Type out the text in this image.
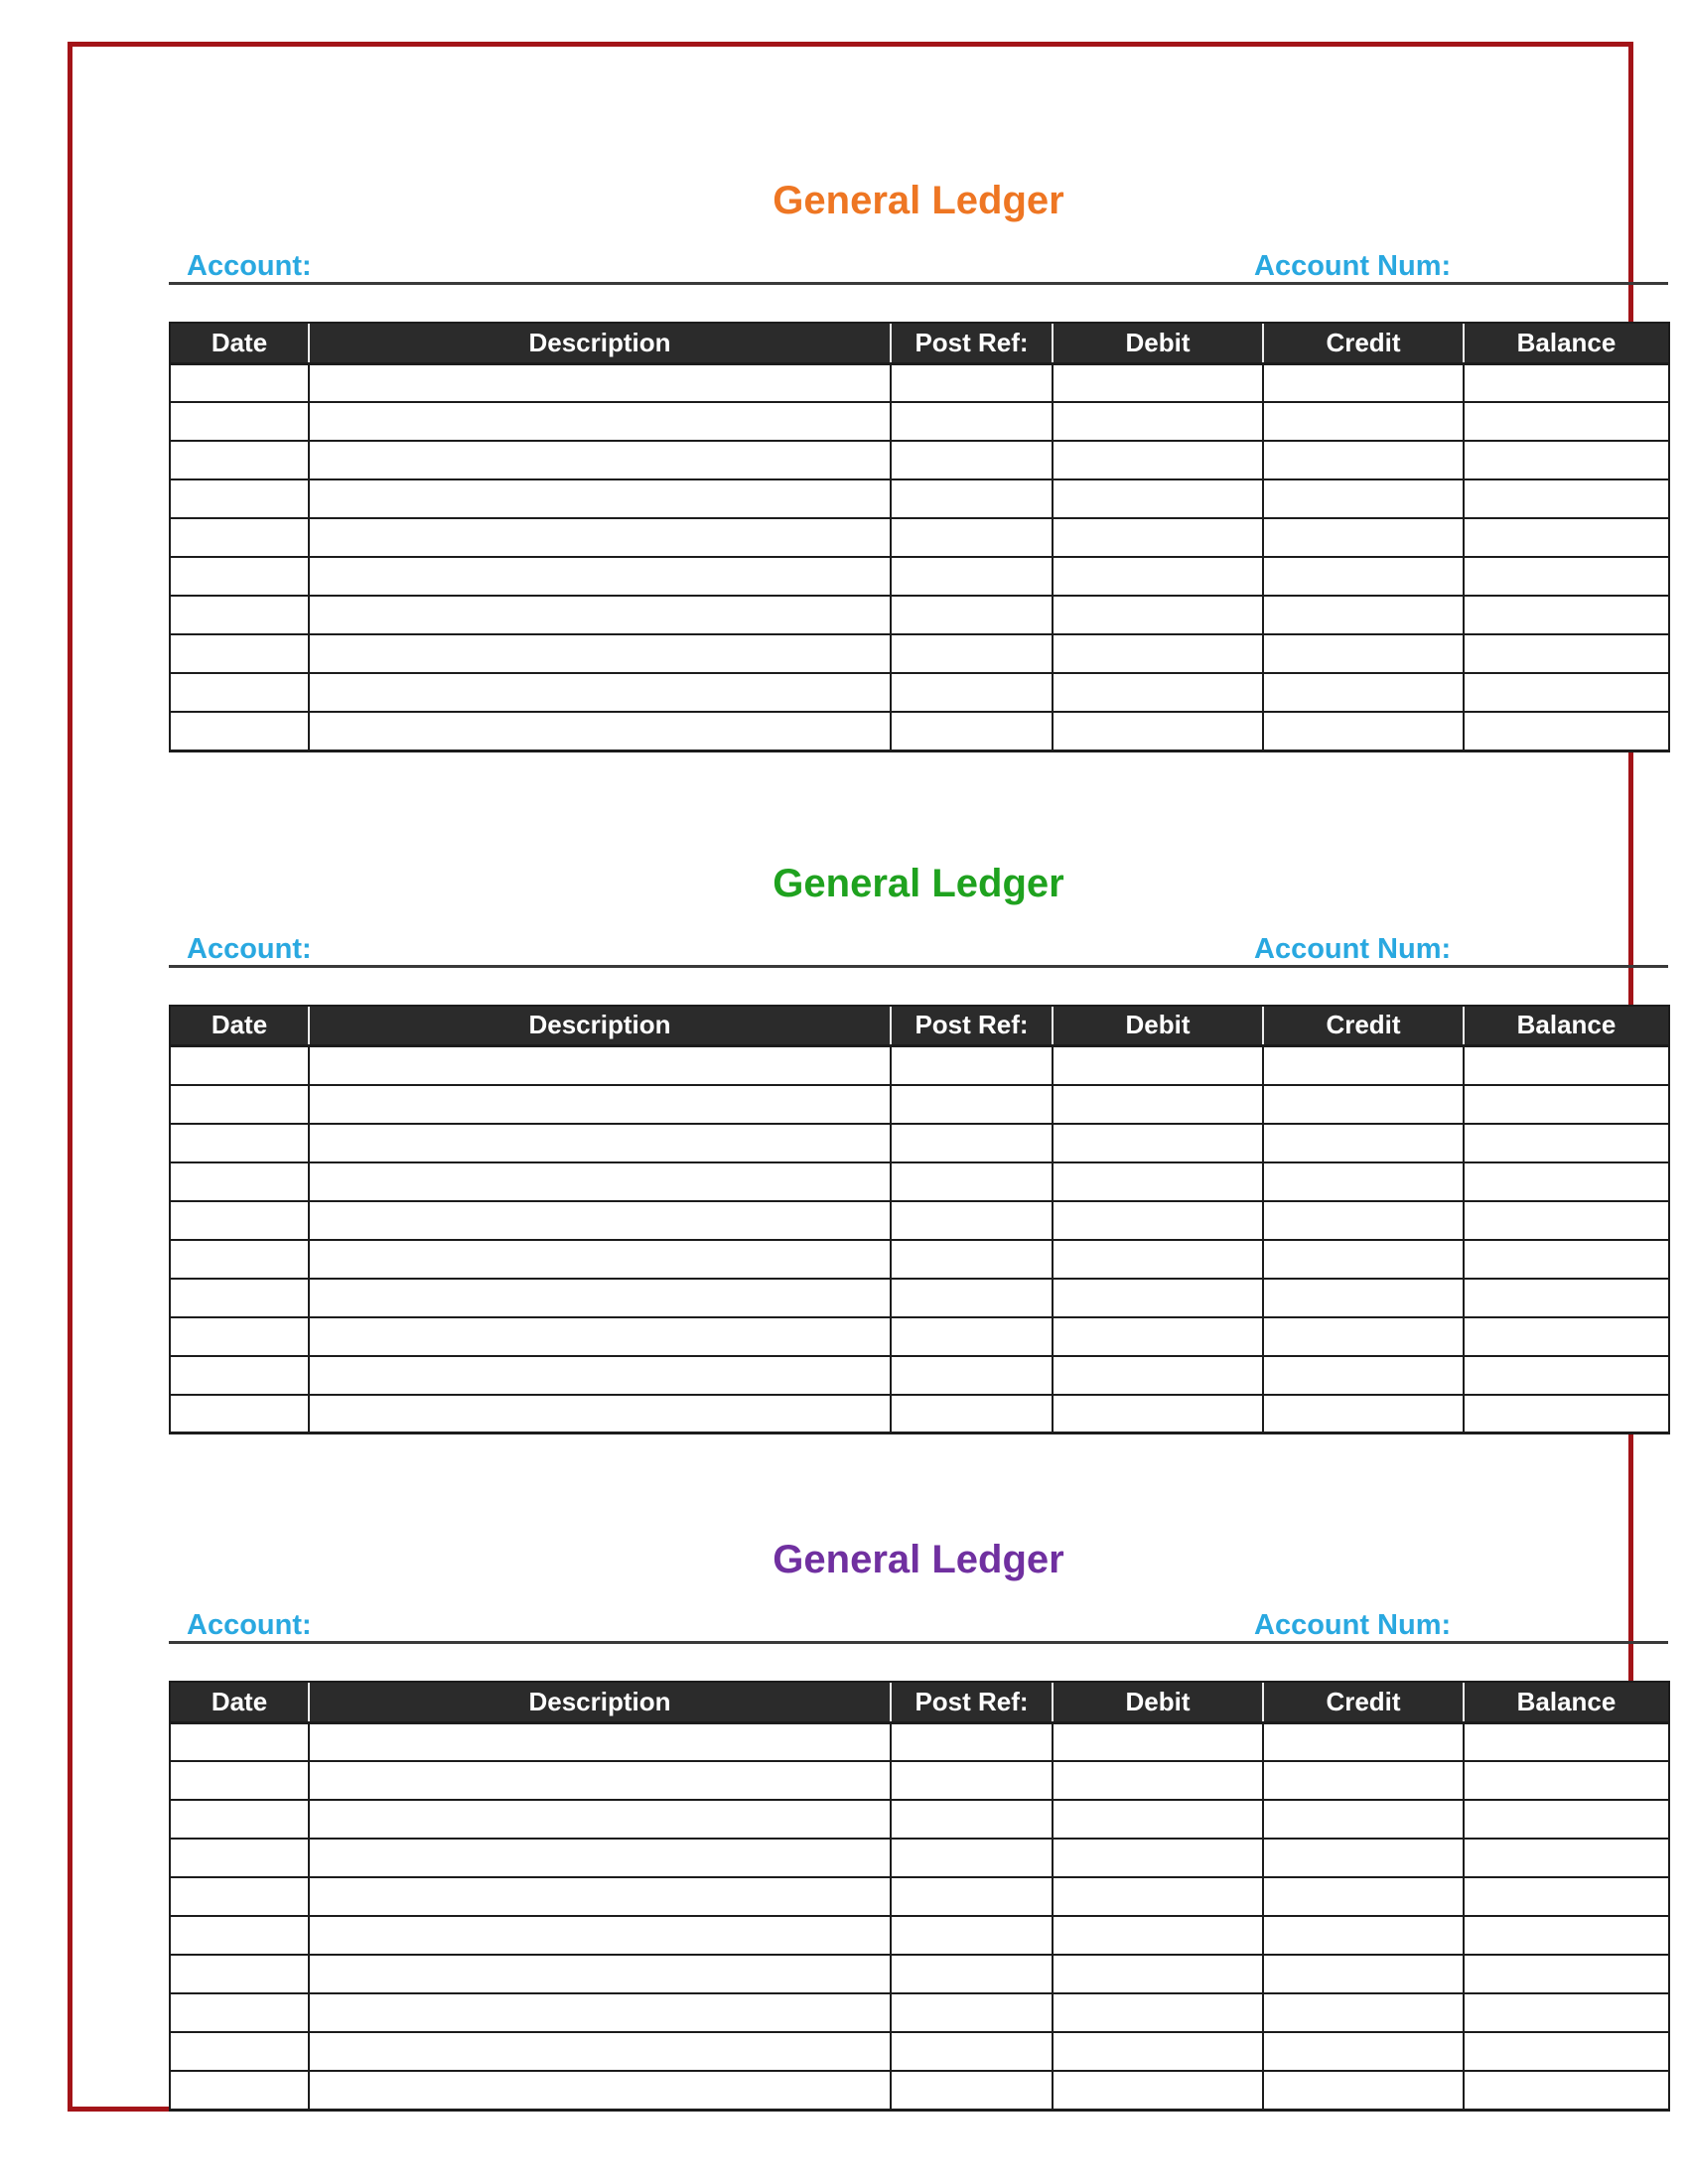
General Ledger
Account:	Account Num:
Date	Description	Post Ref:	Debit	Credit	Balance

General Ledger
Account:	Account Num:
Date	Description	Post Ref:	Debit	Credit	Balance

General Ledger
Account:	Account Num:
Date	Description	Post Ref:	Debit	Credit	Balance
